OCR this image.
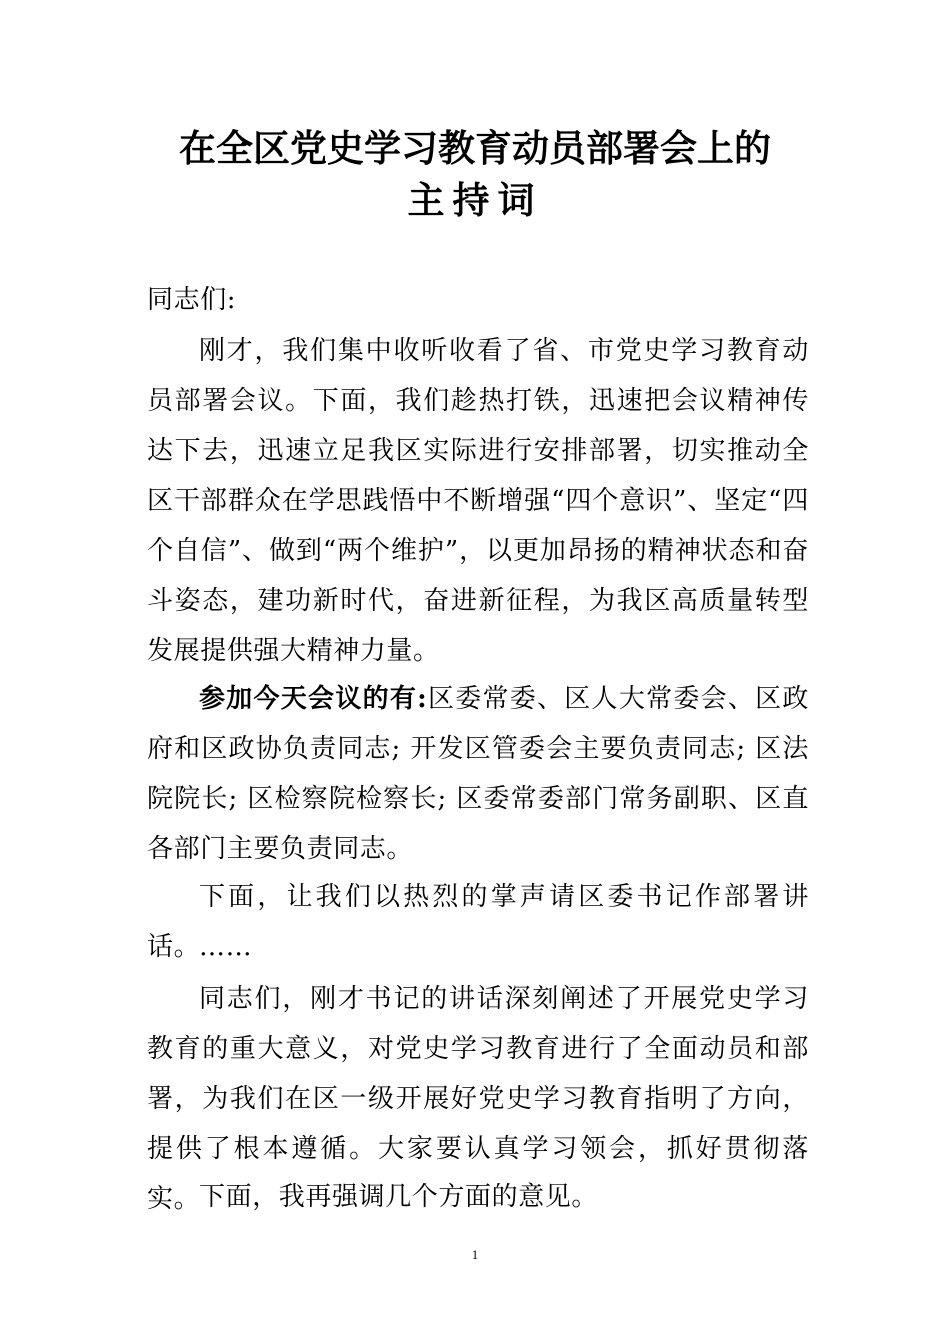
在全区党史学习教育动员部署会上的
主持词
同志们:
刚才，我们集中收听收看了省、市党史学习教育动员部署会议。下面，我们趁热打铁，迅速把会议精神传达下去，迅速立足我区实际进行安排部署，切实推动全区干部群众在学思践悟中不断增强“四个意识”、坚定“四个自信”、做到“两个维护”，以更加昂扬的精神状态和奋斗姿态，建功新时代，奋进新征程，为我区高质量转型发展提供强大精神力量。
参加今天会议的有:区委常委、区人大常委会、区政府和区政协负责同志; 开发区管委会主要负责同志; 区法院院长; 区检察院检察长; 区委常委部门常务副职、区直各部门主要负责同志。
下面，让我们以热烈的掌声请区委书记作部署讲话。
……
同志们，刚才书记的讲话深刻阐述了开展党史学习教育的重大意义，对党史学习教育进行了全面动员和部署，为我们在区一级开展好党史学习教育指明了方向，提供了根本遵循。大家要认真学习领会，抓好贯彻落实。
下面，我再强调几个方面的意见。
1
